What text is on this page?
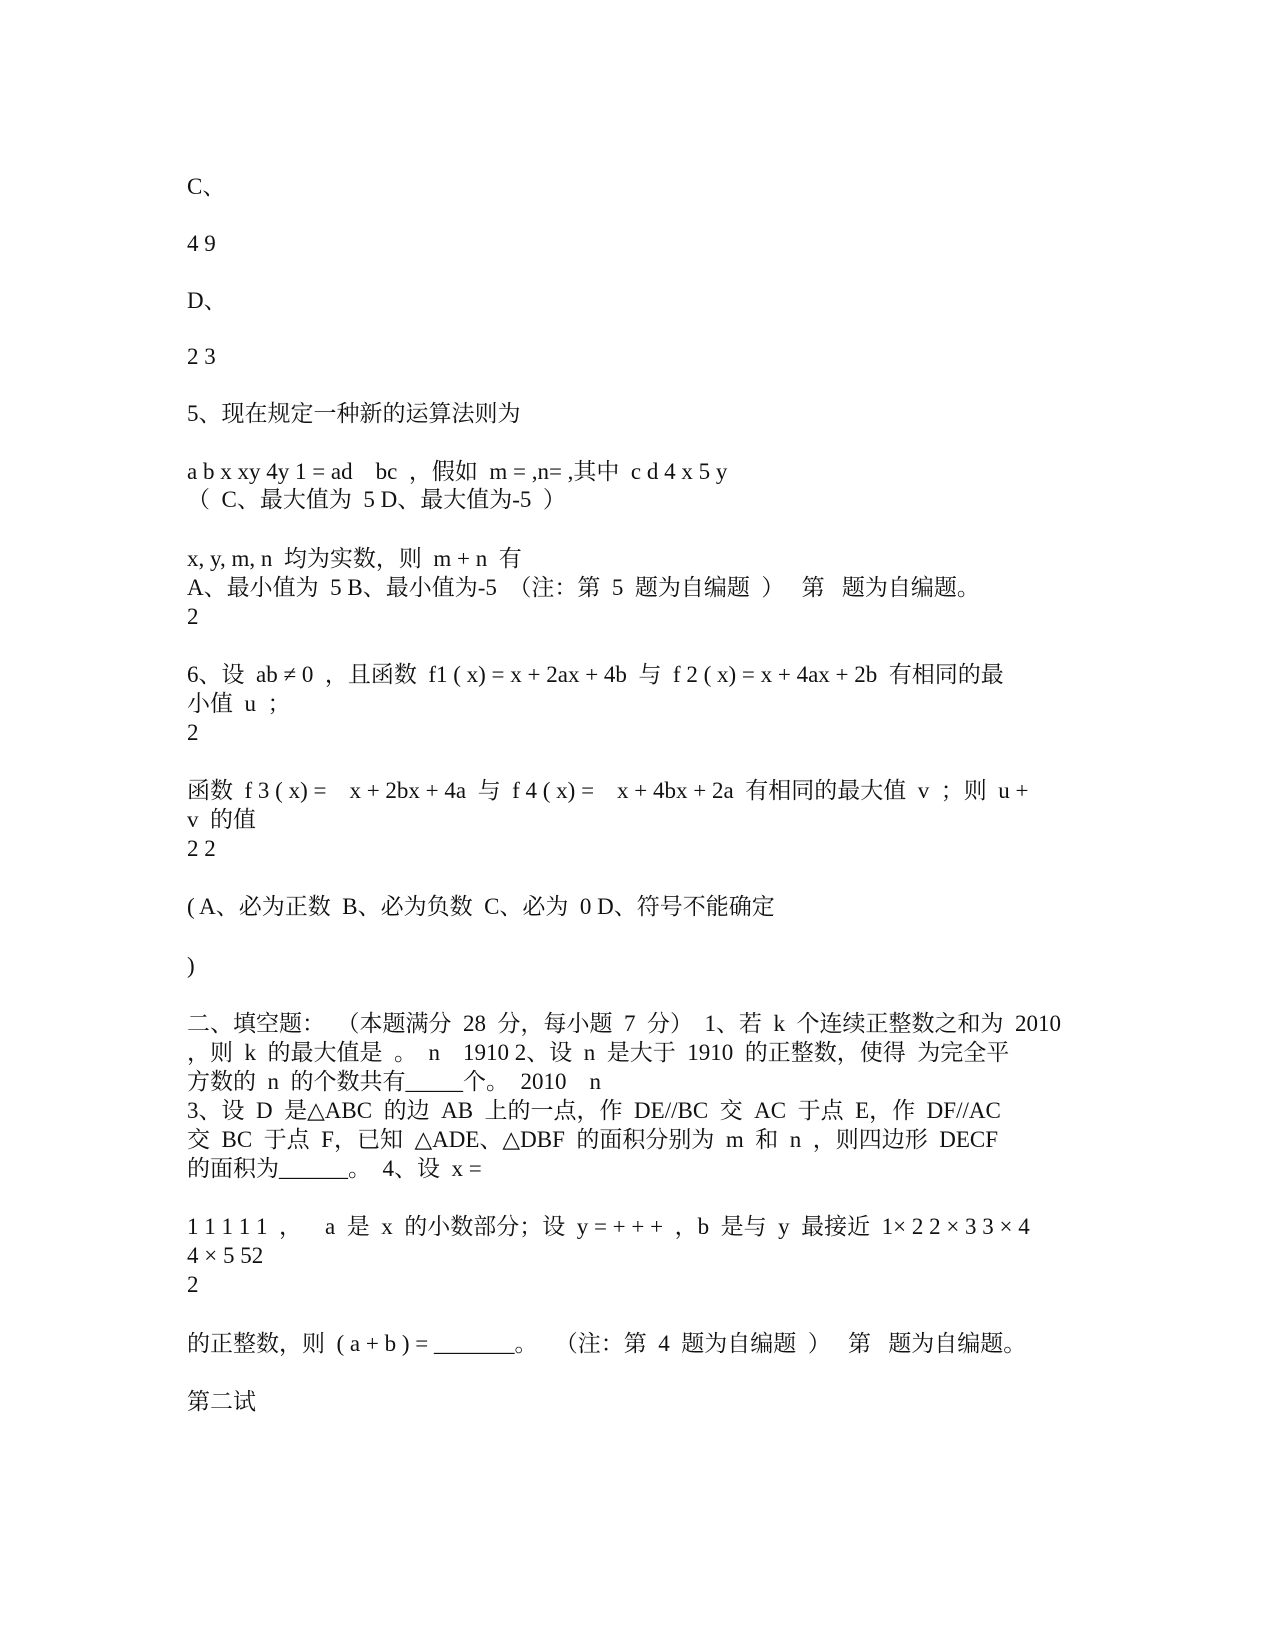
C、
4 9
D、
2 3
5、现在规定一种新的运算法则为
a b x xy 4y 1 = ad    bc  ，假如  m = ,n= ,其中  c d 4 x 5 y
（  C、最大值为  5 D、最大值为-5  ）
x, y, m, n  均为实数，则  m + n  有
A、最小值为  5 B、最小值为-5  （注：第  5  题为自编题  ）   第   题为自编题。
2
6、设  ab ≠ 0  ，且函数  f1 ( x) = x + 2ax + 4b  与  f 2 ( x) = x + 4ax + 2b  有相同的最
小值  u  ；
2
函数  f 3 ( x) =    x + 2bx + 4a  与  f 4 ( x) =    x + 4bx + 2a  有相同的最大值  v  ；则  u +
v  的值
2 2
( A、必为正数  B、必为负数  C、必为  0 D、符号不能确定
)
二、填空题：  （本题满分  28  分，每小题  7  分）  1、若  k  个连续正整数之和为  2010
，则  k  的最大值是  。  n    1910 2、设  n  是大于  1910  的正整数，使得  为完全平
方数的  n  的个数共有_____个。  2010    n
3、设  D  是△ABC  的边  AB  上的一点，作  DE//BC  交  AC  于点  E，作  DF//AC
交  BC  于点  F，已知  △ADE、△DBF  的面积分别为  m  和  n  ，则四边形  DECF
的面积为______。  4、设  x =
1 1 1 1 1  ，    a  是  x  的小数部分；设  y = + + +  ，b  是与  y  最接近  1× 2 2 × 3 3 × 4
4 × 5 52
2
的正整数，则  ( a + b ) = _______。   （注：第  4  题为自编题  ）   第   题为自编题。
第二试
